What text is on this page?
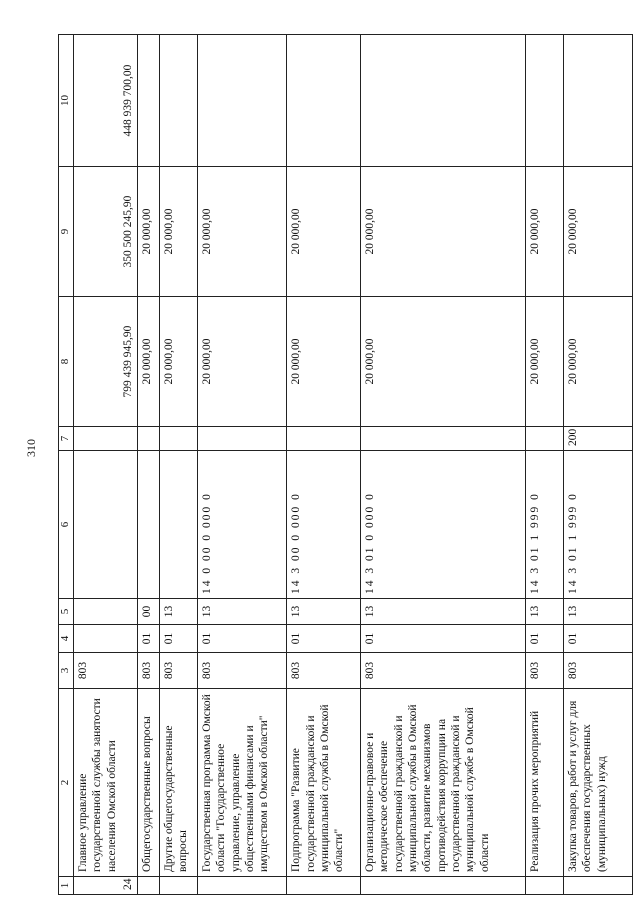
310
1	2	3	4	5	6	7	8	9	10
24	Главное управление государственной службы занятости населения Омской области	803					799 439 945,90	350 500 245,90	448 939 700,00
	Общегосударственные вопросы	803	01	00			20 000,00	20 000,00	
	Другие общегосударственные вопросы	803	01	13			20 000,00	20 000,00	
	Государственная программа Омской области "Государственное управление, управление общественными финансами и имуществом в Омской области"	803	01	13	14 0 00 0 000 0		20 000,00	20 000,00	
	Подпрограмма "Развитие государственной гражданской и муниципальной службы в Омской области"	803	01	13	14 3 00 0 000 0		20 000,00	20 000,00	
	Организационно-правовое и методическое обеспечение государственной гражданской и муниципальной службы в Омской области, развитие механизмов противодействия коррупции на государственной гражданской и муниципальной службе в Омской области	803	01	13	14 3 01 0 000 0		20 000,00	20 000,00	
	Реализация прочих мероприятий	803	01	13	14 3 01 1 999 0		20 000,00	20 000,00	
	Закупка товаров, работ и услуг для обеспечения государственных (муниципальных) нужд	803	01	13	14 3 01 1 999 0	200	20 000,00	20 000,00	
